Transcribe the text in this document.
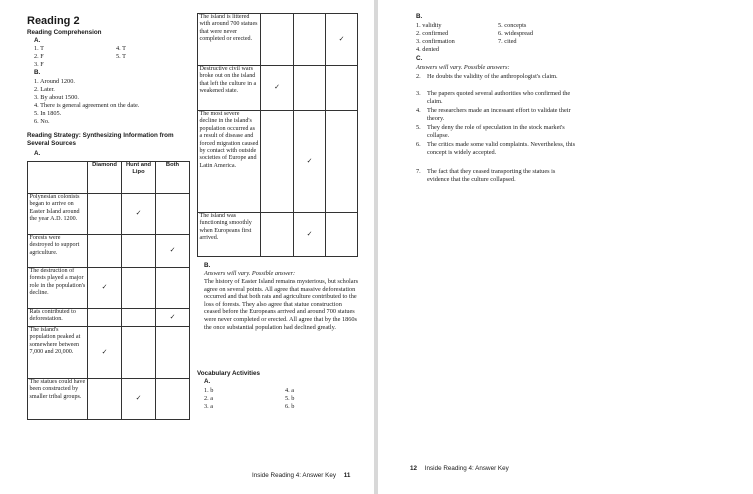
Reading 2
Reading Comprehension
A.
1. T
2. F
3. F
4. T
5. T
B.
1. Around 1200.
2. Later.
3. By about 1500.
4. There is general agreement on the date.
5. In 1805.
6. No.
Reading Strategy: Synthesizing Information from
Several Sources
A.
	Diamond	Hunt and Lipo	Both
Polynesian colonists began to arrive on Easter Island around the year A.D. 1200.		✓	
Forests were destroyed to support agriculture.			✓
The destruction of forests played a major role in the population's decline.	✓		
Rats contributed to deforestation.			✓
The island's population peaked at somewhere between 7,000 and 20,000.	✓		
The statues could have been constructed by smaller tribal groups.		✓	
The island is littered with around 700 statues that were never completed or erected.			✓
Destructive civil wars broke out on the island that left the culture in a weakened state.	✓		
The most severe decline in the island's population occurred as a result of disease and forced migration caused by contact with outside societies of Europe and Latin America.		✓	
The island was functioning smoothly when Europeans first arrived.		✓	
B.
Answers will vary. Possible answer:
The history of Easter Island remains mysterious, but scholars agree on several points. All agree that massive deforestation occurred and that both rats and agriculture contributed to the loss of forests. They also agree that statue construction ceased before the Europeans arrived and around 700 statues were never completed or erected. All agree that by the 1860s the once substantial population had declined greatly.
Vocabulary Activities
A.
1. b
2. a
3. a
4. a
5. b
6. b
Inside Reading 4: Answer Key 11
B.
1. validity
2. confirmed
3. confirmation
4. denied
5. concepts
6. widespread
7. cited
C.
Answers will vary. Possible answers:
2. He doubts the validity of the anthropologist's claim.
3. The papers quoted several authorities who confirmed the claim.
4. The researchers made an incessant effort to validate their theory.
5. They deny the role of speculation in the stock market's collapse.
6. The critics made some valid complaints. Nevertheless, this concept is widely accepted.
7. The fact that they ceased transporting the statues is evidence that the culture collapsed.
12 Inside Reading 4: Answer Key
